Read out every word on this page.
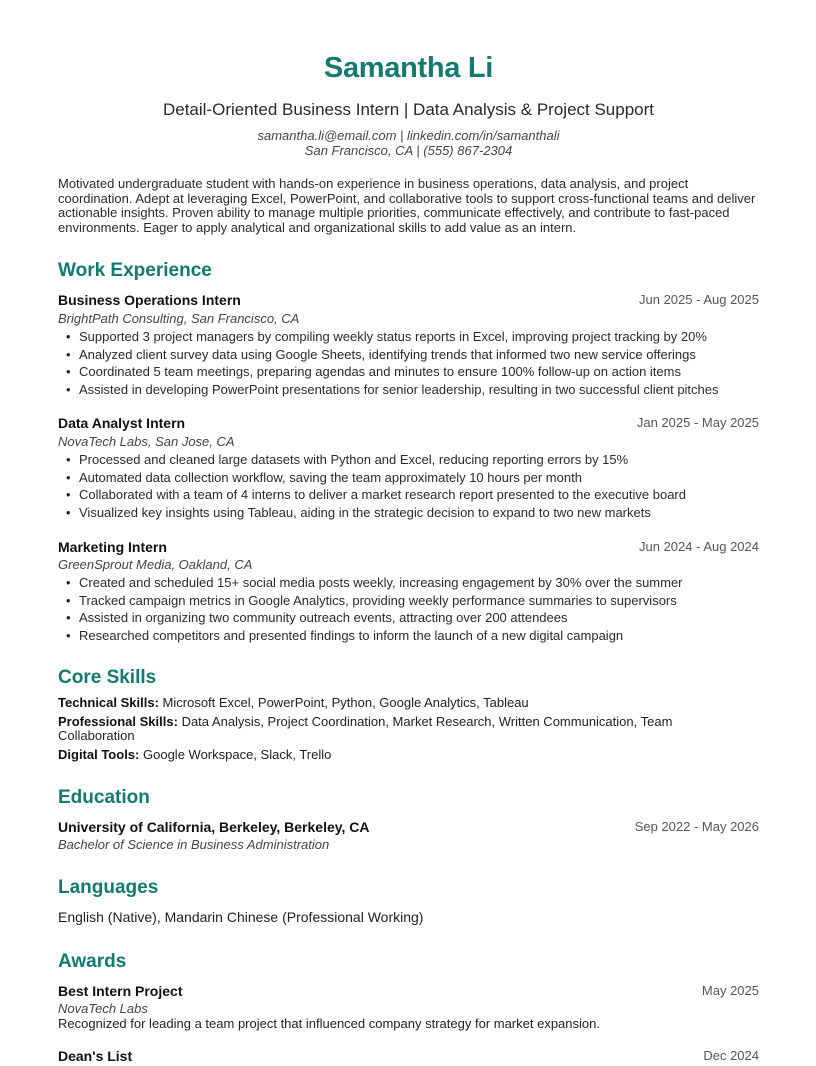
Samantha Li
Detail-Oriented Business Intern | Data Analysis & Project Support
samantha.li@email.com | linkedin.com/in/samanthali
San Francisco, CA | (555) 867-2304
Motivated undergraduate student with hands-on experience in business operations, data analysis, and project coordination. Adept at leveraging Excel, PowerPoint, and collaborative tools to support cross-functional teams and deliver actionable insights. Proven ability to manage multiple priorities, communicate effectively, and contribute to fast-paced environments. Eager to apply analytical and organizational skills to add value as an intern.
Work Experience
Business Operations Intern	Jun 2025 - Aug 2025
BrightPath Consulting, San Francisco, CA
• Supported 3 project managers by compiling weekly status reports in Excel, improving project tracking by 20%
• Analyzed client survey data using Google Sheets, identifying trends that informed two new service offerings
• Coordinated 5 team meetings, preparing agendas and minutes to ensure 100% follow-up on action items
• Assisted in developing PowerPoint presentations for senior leadership, resulting in two successful client pitches
Data Analyst Intern	Jan 2025 - May 2025
NovaTech Labs, San Jose, CA
• Processed and cleaned large datasets with Python and Excel, reducing reporting errors by 15%
• Automated data collection workflow, saving the team approximately 10 hours per month
• Collaborated with a team of 4 interns to deliver a market research report presented to the executive board
• Visualized key insights using Tableau, aiding in the strategic decision to expand to two new markets
Marketing Intern	Jun 2024 - Aug 2024
GreenSprout Media, Oakland, CA
• Created and scheduled 15+ social media posts weekly, increasing engagement by 30% over the summer
• Tracked campaign metrics in Google Analytics, providing weekly performance summaries to supervisors
• Assisted in organizing two community outreach events, attracting over 200 attendees
• Researched competitors and presented findings to inform the launch of a new digital campaign
Core Skills
Technical Skills: Microsoft Excel, PowerPoint, Python, Google Analytics, Tableau
Professional Skills: Data Analysis, Project Coordination, Market Research, Written Communication, Team Collaboration
Digital Tools: Google Workspace, Slack, Trello
Education
University of California, Berkeley, Berkeley, CA	Sep 2022 - May 2026
Bachelor of Science in Business Administration
Languages
English (Native), Mandarin Chinese (Professional Working)
Awards
Best Intern Project	May 2025
NovaTech Labs
Recognized for leading a team project that influenced company strategy for market expansion.
Dean's List	Dec 2024
